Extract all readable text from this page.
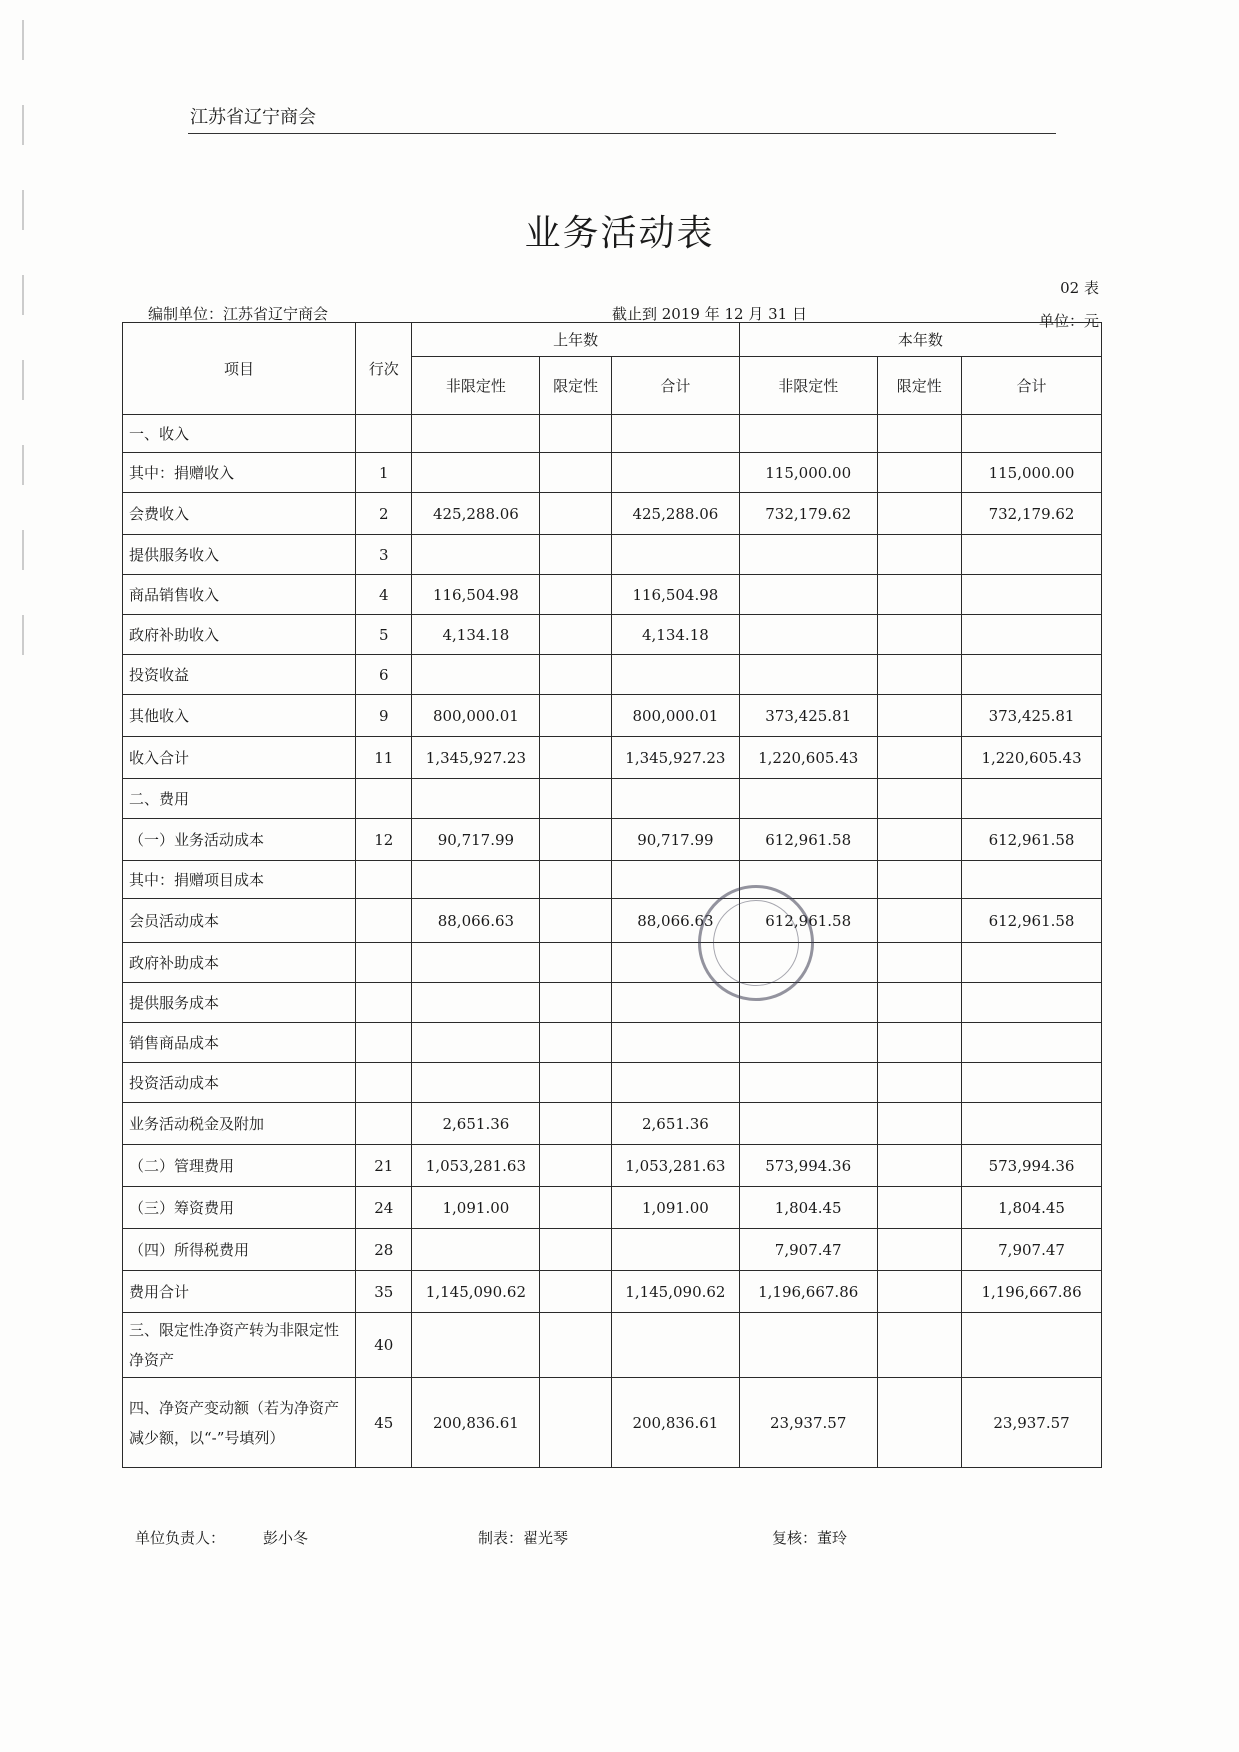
江苏省辽宁商会
业务活动表
02 表
编制单位：江苏省辽宁商会	截止到 2019 年 12 月 31 日	单位：元
项目	行次	上年数			本年数		
		非限定性	限定性	合计	非限定性	限定性	合计
一、收入							
其中：捐赠收入	1				115,000.00		115,000.00
会费收入	2	425,288.06		425,288.06	732,179.62		732,179.62
提供服务收入	3						
商品销售收入	4	116,504.98		116,504.98			
政府补助收入	5	4,134.18		4,134.18			
投资收益	6						
其他收入	9	800,000.01		800,000.01	373,425.81		373,425.81
收入合计	11	1,345,927.23		1,345,927.23	1,220,605.43		1,220,605.43
二、费用							
（一）业务活动成本	12	90,717.99		90,717.99	612,961.58		612,961.58
其中：捐赠项目成本							
会员活动成本		88,066.63		88,066.63	612,961.58		612,961.58
政府补助成本							
提供服务成本							
销售商品成本							
投资活动成本							
业务活动税金及附加		2,651.36		2,651.36			
（二）管理费用	21	1,053,281.63		1,053,281.63	573,994.36		573,994.36
（三）筹资费用	24	1,091.00		1,091.00	1,804.45		1,804.45
（四）所得税费用	28				7,907.47		7,907.47
费用合计	35	1,145,090.62		1,145,090.62	1,196,667.86		1,196,667.86
三、限定性净资产转为非限定性净资产	40						
四、净资产变动额（若为净资产减少额，以“-”号填列）	45	200,836.61		200,836.61	23,937.57		23,937.57
单位负责人：	彭小冬	制表：翟光琴	复核：董玲
